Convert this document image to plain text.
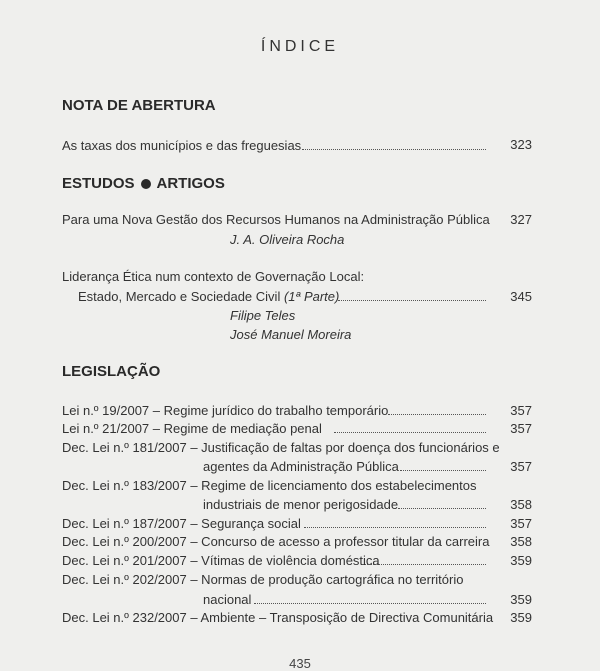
ÍNDICE
NOTA DE ABERTURA
As taxas dos municípios e das freguesias	323
ESTUDOS ARTIGOS
Para uma Nova Gestão dos Recursos Humanos na Administração Pública	327
J. A. Oliveira Rocha
Liderança Ética num contexto de Governação Local:
Estado, Mercado e Sociedade Civil (1ª Parte)	345
Filipe Teles
José Manuel Moreira
LEGISLAÇÃO
Lei n.º 19/2007 – Regime jurídico do trabalho temporário	357
Lei n.º 21/2007 – Regime de mediação penal	357
Dec. Lei n.º 181/2007 – Justificação de faltas por doença dos funcionários e
agentes da Administração Pública	357
Dec. Lei n.º 183/2007 – Regime de licenciamento dos estabelecimentos
industriais de menor perigosidade	358
Dec. Lei n.º 187/2007 – Segurança social	357
Dec. Lei n.º 200/2007 – Concurso de acesso a professor titular da carreira	358
Dec. Lei n.º 201/2007 – Vítimas de violência doméstica	359
Dec. Lei n.º 202/2007 – Normas de produção cartográfica no território
nacional	359
Dec. Lei n.º 232/2007 – Ambiente – Transposição de Directiva Comunitária	359
435
